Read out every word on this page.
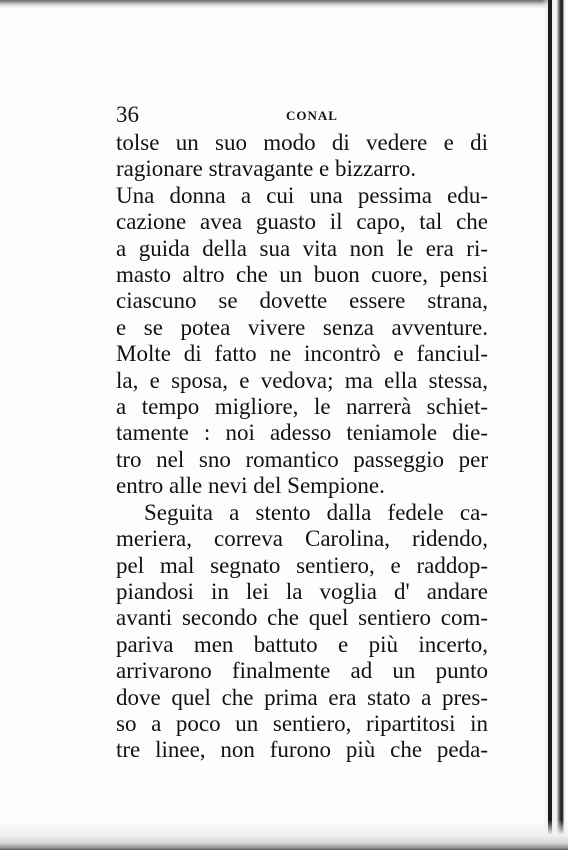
36	CONAL
tolse un suo modo di vedere e di
ragionare stravagante e bizzarro.
Una donna a cui una pessima edu-
cazione avea guasto il capo, tal che
a guida della sua vita non le era ri-
masto altro che un buon cuore, pensi
ciascuno se dovette essere strana,
e se potea vivere senza avventure.
Molte di fatto ne incontrò e fanciul-
la, e sposa, e vedova; ma ella stessa,
a tempo migliore, le narrerà schiet-
tamente : noi adesso teniamole die-
tro nel sno romantico passeggio per
entro alle nevi del Sempione.
Seguita a stento dalla fedele ca-
meriera, correva Carolina, ridendo,
pel mal segnato sentiero, e raddop-
piandosi in lei la voglia d' andare
avanti secondo che quel sentiero com-
pariva men battuto e più incerto,
arrivarono finalmente ad un punto
dove quel che prima era stato a pres-
so a poco un sentiero, ripartitosi in
tre linee, non furono più che peda-
